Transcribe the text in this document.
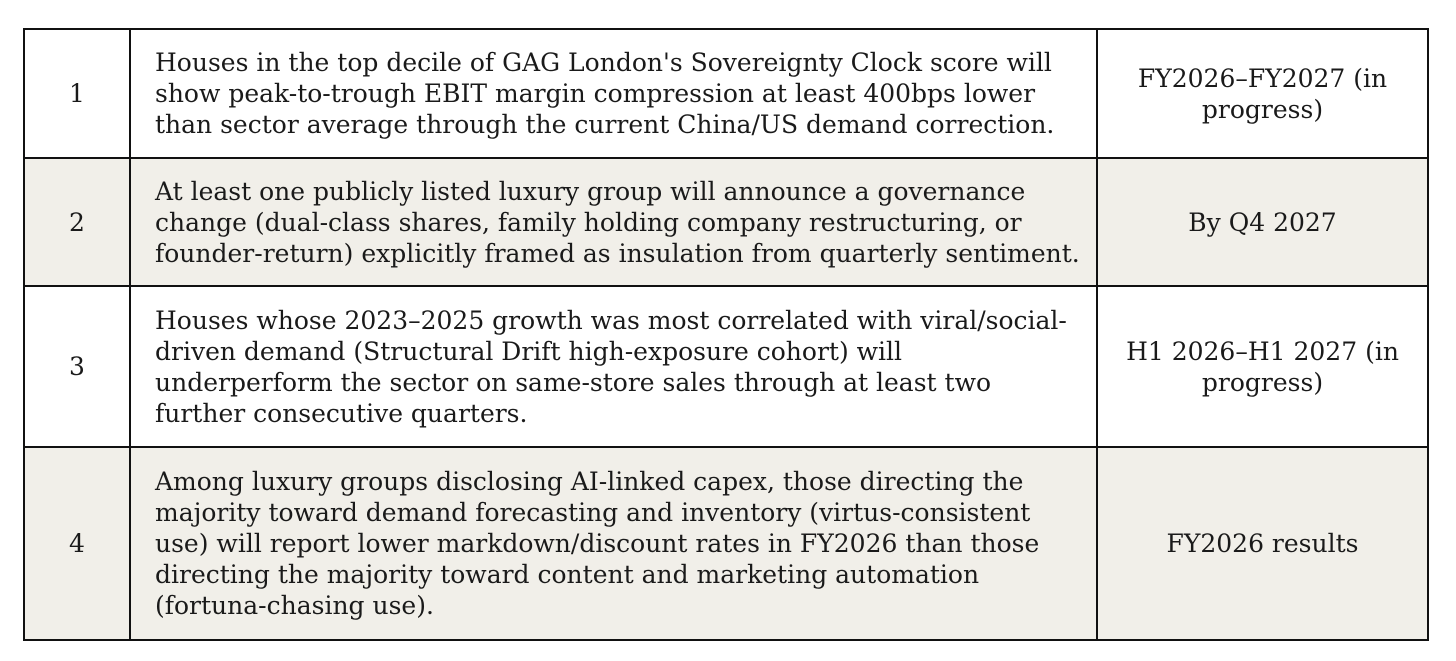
1	Houses in the top decile of GAG London's Sovereignty Clock score will show peak-to-trough EBIT margin compression at least 400bps lower than sector average through the current China/US demand correction.	FY2026–FY2027 (in progress)
2	At least one publicly listed luxury group will announce a governance change (dual-class shares, family holding company restructuring, or founder-return) explicitly framed as insulation from quarterly sentiment.	By Q4 2027
3	Houses whose 2023–2025 growth was most correlated with viral/social-driven demand (Structural Drift high-exposure cohort) will underperform the sector on same-store sales through at least two further consecutive quarters.	H1 2026–H1 2027 (in progress)
4	Among luxury groups disclosing AI-linked capex, those directing the majority toward demand forecasting and inventory (virtus-consistent use) will report lower markdown/discount rates in FY2026 than those directing the majority toward content and marketing automation (fortuna-chasing use).	FY2026 results
